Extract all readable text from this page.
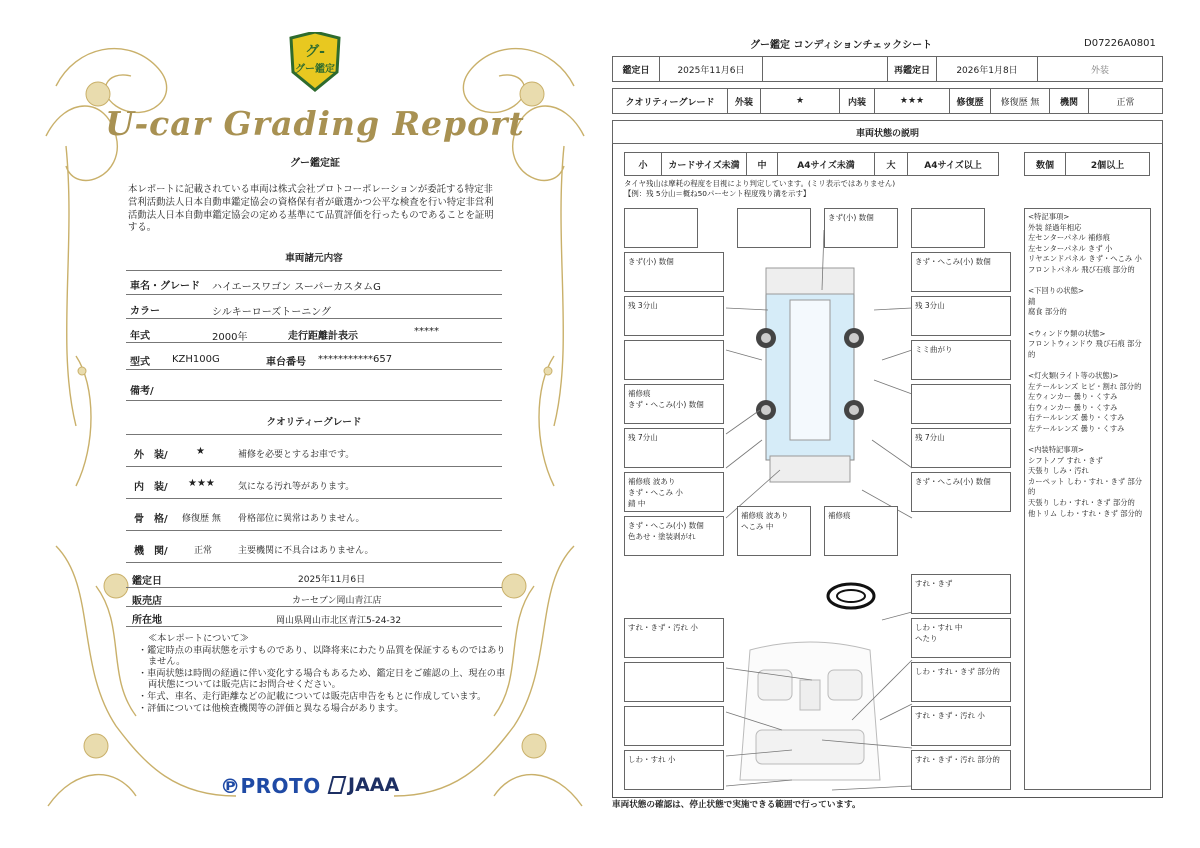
グ-
グー鑑定
U-car Grading Report
グー鑑定証
本レポートに記載されている車両は株式会社プロトコーポレーションが委託する特定非営利活動法人日本自動車鑑定協会の資格保有者が厳選かつ公平な検査を行い特定非営利活動法人日本自動車鑑定協会の定める基準にて品質評価を行ったものであることを証明する。
車両諸元内容
車名・グレード ハイエースワゴン スーパーカスタムG
カラー	シルキーローズトーニング
年式	2000年	走行距離計表示	*****
型式 KZH100G	車台番号 ***********657
備考/
クオリティーグレード
外　装/	★	補修を必要とするお車です。
内　装/ ★★★	気になる汚れ等があります。
骨　格/ 修復歴 無 骨格部位に異常はありません。
機　関/	正常	主要機関に不具合はありません。
鑑定日	2025年11月6日
販売店	カーセブン岡山青江店
所在地	岡山県岡山市北区青江5-24-32
≪本レポートについて≫
・鑑定時点の車両状態を示すものであり、以降将来にわたり品質を保証するものではありません。
・車両状態は時間の経過に伴い変化する場合もあるため、鑑定日をご確認の上、現在の車両状態については販売店にお問合せください。
・年式、車名、走行距離などの記載については販売店申告をもとに作成しています。
・評価については他検査機関等の評価と異なる場合があります。
℗PROTO	JAAA
グー鑑定 コンディションチェックシート	D07226A0801
鑑定日	2025年11月6日	再鑑定日	2026年1月8日	外装
クオリティーグレード	外装	★	内装	★★★	修復歴	修復歴 無	機関	正常
車両状態の説明
小	カードサイズ未満	中	A4サイズ未満	大	A4サイズ以上	数個	2個以上
タイヤ残山は摩耗の程度を目視により判定しています。(ミリ表示ではありません)
【例：残 5分山＝概ね50パーセント程度残り溝を示す】
きず(小) 数個
きず(小) 数個	きず・へこみ(小) 数個
残 3分山	残 3分山
ミミ曲がり
補修痕
きず・へこみ(小) 数個
残 7分山	残 7分山
補修痕 波あり
きず・へこみ 小
錆 中
きず・へこみ(小) 数個
きず・へこみ(小) 数個
色あせ・塗装剥がれ
補修痕 波あり
へこみ 中
補修痕
すれ・きず
すれ・きず・汚れ 小	しわ・すれ 中
へたり
しわ・すれ・きず 部分的
すれ・きず・汚れ 小
しわ・すれ 小	すれ・きず・汚れ 部分的
<特記事項>
外装 経過年相応
左センターパネル 補修痕
左センターパネル きず 小
リヤエンドパネル きず・へこみ 小
フロントパネル 飛び石痕 部分的

<下回りの状態>
錆
腐食 部分的

<ウィンドウ類の状態>
フロントウィンドウ 飛び石痕 部分的

<灯火類(ライト等の状態)>
左テールレンズ ヒビ・割れ 部分的
左ウィンカー 曇り・くすみ
右ウィンカー 曇り・くすみ
右テールレンズ 曇り・くすみ
左テールレンズ 曇り・くすみ

<内装特記事項>
シフトノブ すれ・きず
天張り しみ・汚れ
カーペット しわ・すれ・きず 部分的
天張り しわ・すれ・きず 部分的
他トリム しわ・すれ・きず 部分的
車両状態の確認は、停止状態で実施できる範囲で行っています。
